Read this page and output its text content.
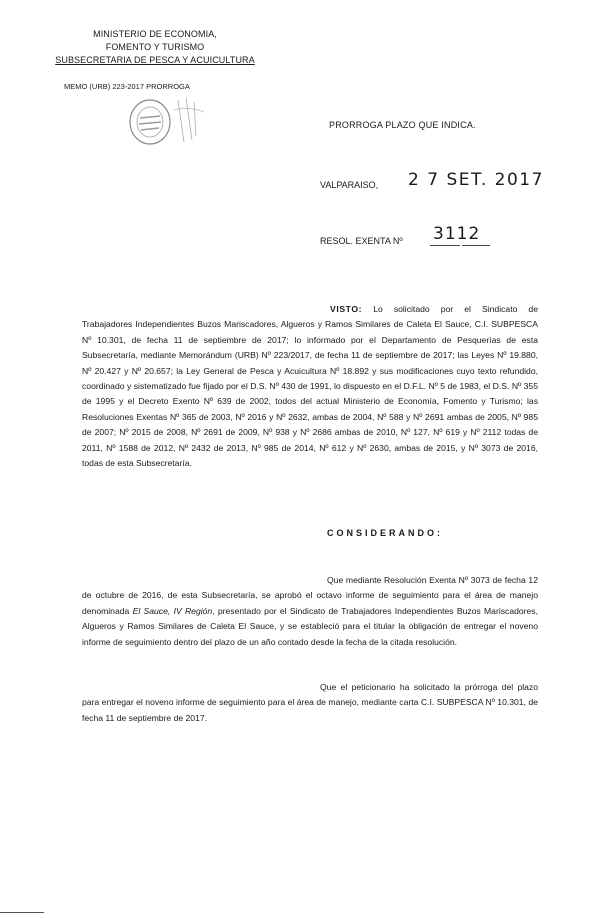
MINISTERIO DE ECONOMIA,
FOMENTO Y TURISMO
SUBSECRETARIA DE PESCA Y ACUICULTURA
MEMO (URB) 223-2017 PRORROGA
PRORROGA PLAZO QUE INDICA.
VALPARAISO, 2 7 SET. 2017
RESOL. EXENTA Nº 3112

VISTO: Lo solicitado por el Sindicato de Trabajadores Independientes Buzos Mariscadores, Algueros y Ramos Similares de Caleta El Sauce, C.I. SUBPESCA Nº 10.301, de fecha 11 de septiembre de 2017; lo informado por el Departamento de Pesquerías de esta Subsecretaría, mediante Memorándum (URB) Nº 223/2017, de fecha 11 de septiembre de 2017; las Leyes Nº 19.880, Nº 20.427 y Nº 20.657; la Ley General de Pesca y Acuicultura Nº 18.892 y sus modificaciones cuyo texto refundido, coordinado y sistematizado fue fijado por el D.S. Nº 430 de 1991, lo dispuesto en el D.F.L. Nº 5 de 1983, el D.S. Nº 355 de 1995 y el Decreto Exento Nº 639 de 2002, todos del actual Ministerio de Economía, Fomento y Turismo; las Resoluciones Exentas Nº 365 de 2003, Nº 2016 y Nº 2632, ambas de 2004, Nº 588 y Nº 2691 ambas de 2005, Nº 985 de 2007; Nº 2015 de 2008, Nº 2691 de 2009, Nº 938 y Nº 2686 ambas de 2010, Nº 127, Nº 619 y Nº 2112 todas de 2011, Nº 1588 de 2012, Nº 2432 de 2013, Nº 985 de 2014, Nº 612 y Nº 2630, ambas de 2015, y Nº 3073 de 2016, todas de esta Subsecretaría.

CONSIDERANDO:

Que mediante Resolución Exenta Nº 3073 de fecha 12 de octubre de 2016, de esta Subsecretaría, se aprobó el octavo informe de seguimiento para el área de manejo denominada El Sauce, IV Región, presentado por el Sindicato de Trabajadores Independientes Buzos Mariscadores, Algueros y Ramos Similares de Caleta El Sauce, y se estableció para el titular la obligación de entregar el noveno informe de seguimiento dentro del plazo de un año contado desde la fecha de la citada resolución.

Que el peticionario ha solicitado la prórroga del plazo para entregar el noveno informe de seguimiento para el área de manejo, mediante carta C.I. SUBPESCA Nº 10.301, de fecha 11 de septiembre de 2017.
